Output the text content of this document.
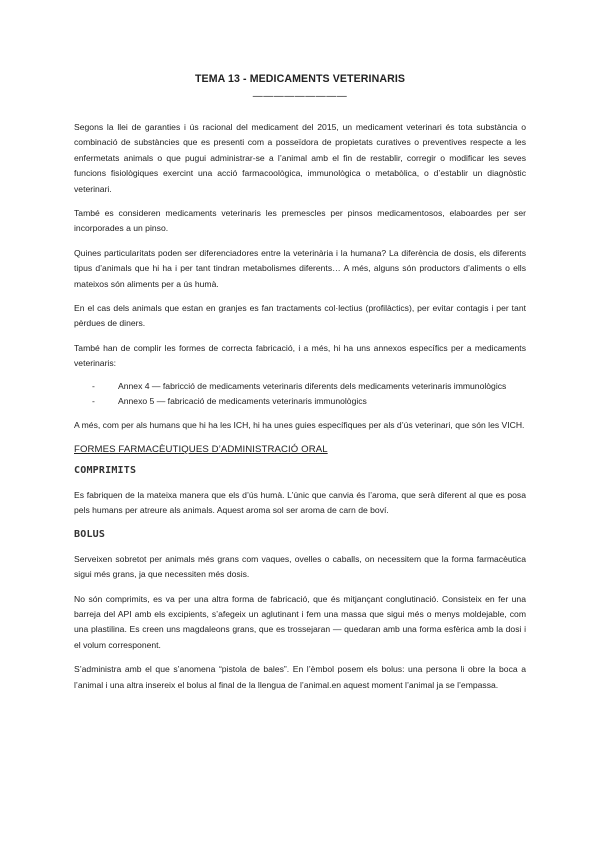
TEMA 13 - MEDICAMENTS VETERINARIS
—————————

Segons la llei de garanties i ús racional del medicament del 2015, un medicament veterinari és tota substància o combinació de substàncies que es presenti com a posseïdora de propietats curatives o preventives respecte a les enfermetats animals o que pugui administrar-se a l’animal amb el fin de restablir, corregir o modificar les seves funcions fisiològiques exercint una acció farmacoològica, immunològica o metabòlica, o d’establir un diagnòstic veterinari.

També es consideren medicaments veterinaris les premescles per pinsos medicamentosos, elaboardes per ser incorporades a un pinso.

Quines particularitats poden ser diferenciadores entre la veterinària i la humana? La diferència de dosis, els diferents tipus d’animals que hi ha i per tant tindran metabolismes diferents… A més, alguns són productors d’aliments o ells mateixos són aliments per a ús humà.

En el cas dels animals que estan en granjes es fan tractaments col·lectius (profilàctics), per evitar contagis i per tant pèrdues de diners.

També han de complir les formes de correcta fabricació, i a més, hi ha uns annexos específics per a medicaments veterinaris:

-	Annex 4 — fabricció de medicaments veterinaris diferents dels medicaments veterinaris immunològics
-	Annexo 5 — fabricació de medicaments veterinaris immunològics

A més, com per als humans que hi ha les ICH, hi ha unes guies específiques per als d’ús veterinari, que són les VICH.

FORMES FARMACÈUTIQUES D’ADMINISTRACIÓ ORAL
COMPRIMITS

Es fabriquen de la mateixa manera que els d’ús humà. L’únic que canvia és l’aroma, que serà diferent al que es posa pels humans per atreure als animals. Aquest aroma sol ser aroma de carn de boví.

BOLUS

Serveixen sobretot per animals més grans com vaques, ovelles o caballs, on necessitem que la forma farmacèutica sigui més grans, ja que necessiten més dosis.

No són comprimits, es va per una altra forma de fabricació, que és mitjançant conglutinació. Consisteix en fer una barreja del API amb els excipients, s’afegeix un aglutinant i fem una massa que sigui més o menys moldejable, com una plastilina. Es creen uns magdaleons grans, que es trossejaran — quedaran amb una forma esfèrica amb la dosi i el volum corresponent.

S’administra amb el que s’anomena “pistola de bales”. En l’èmbol posem els bolus: una persona li obre la boca a l’animal i una altra insereix el bolus al final de la llengua de l’animal.en aquest moment l’animal ja se l’empassa.
